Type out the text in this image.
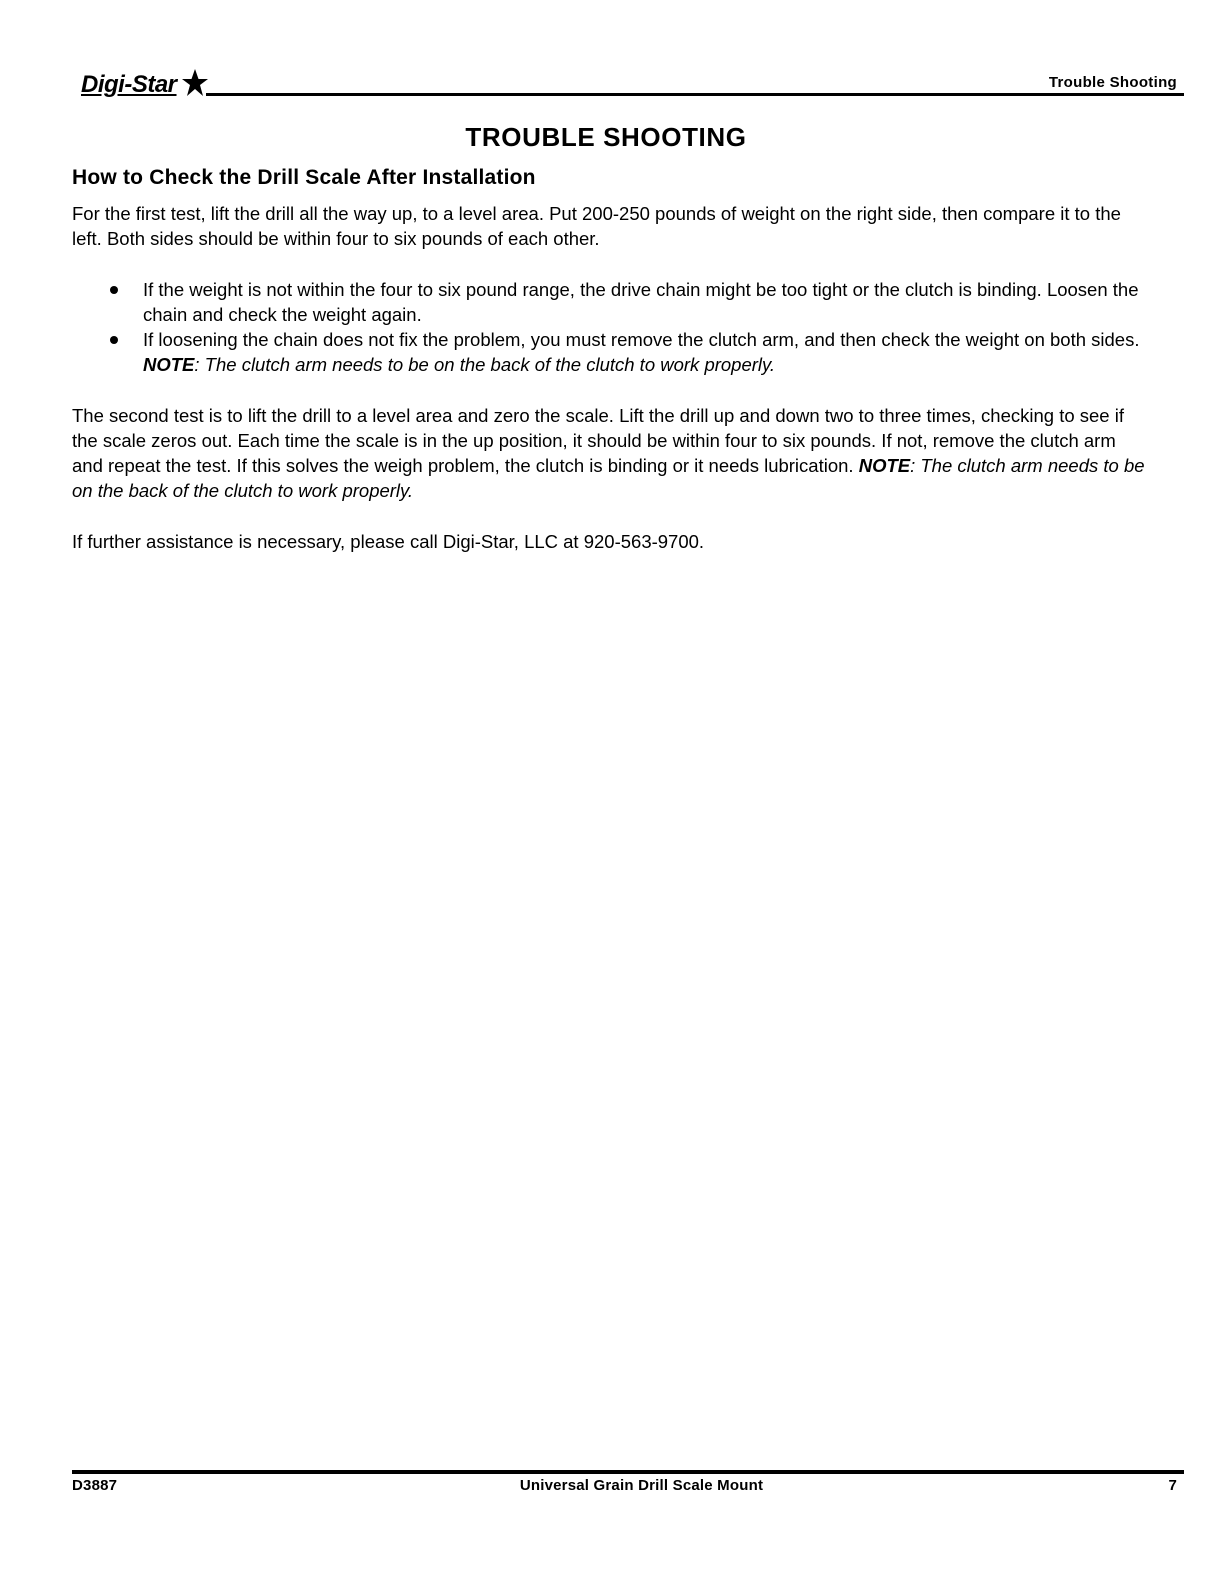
Digi-Star	Trouble Shooting
TROUBLE SHOOTING
How to Check the Drill Scale After Installation
For the first test, lift the drill all the way up, to a level area. Put 200-250 pounds of weight on the right side, then compare it to the left. Both sides should be within four to six pounds of each other.
If the weight is not within the four to six pound range, the drive chain might be too tight or the clutch is binding. Loosen the chain and check the weight again.
If loosening the chain does not fix the problem, you must remove the clutch arm, and then check the weight on both sides. NOTE: The clutch arm needs to be on the back of the clutch to work properly.
The second test is to lift the drill to a level area and zero the scale. Lift the drill up and down two to three times, checking to see if the scale zeros out. Each time the scale is in the up position, it should be within four to six pounds. If not, remove the clutch arm and repeat the test. If this solves the weigh problem, the clutch is binding or it needs lubrication. NOTE: The clutch arm needs to be on the back of the clutch to work properly.
If further assistance is necessary, please call Digi-Star, LLC at 920-563-9700.
D3887	Universal Grain Drill Scale Mount	7
